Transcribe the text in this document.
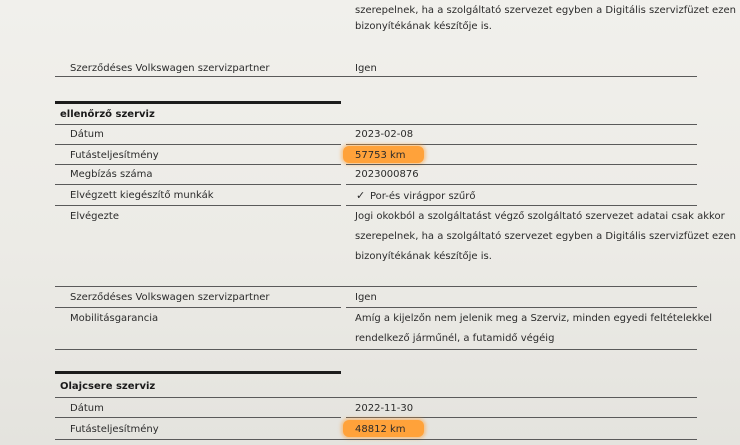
szerepelnek, ha a szolgáltató szervezet egyben a Digitális szervizfüzet ezen
bizonyítékának készítője is.
Szerződéses Volkswagen szervizpartner	Igen
ellenőrző szerviz
Dátum	2023-02-08
Futásteljesítmény	57753 km
Megbízás száma	2023000876
Elvégzett kiegészítő munkák	✓ Por-és virágpor szűrő
Elvégezte	Jogi okokból a szolgáltatást végző szolgáltató szervezet adatai csak akkor
szerepelnek, ha a szolgáltató szervezet egyben a Digitális szervizfüzet ezen
bizonyítékának készítője is.
Szerződéses Volkswagen szervizpartner	Igen
Mobilitásgarancia	Amíg a kijelzőn nem jelenik meg a Szerviz, minden egyedi feltételekkel
rendelkező járműnél, a futamidő végéig
Olajcsere szerviz
Dátum	2022-11-30
Futásteljesítmény	48812 km
